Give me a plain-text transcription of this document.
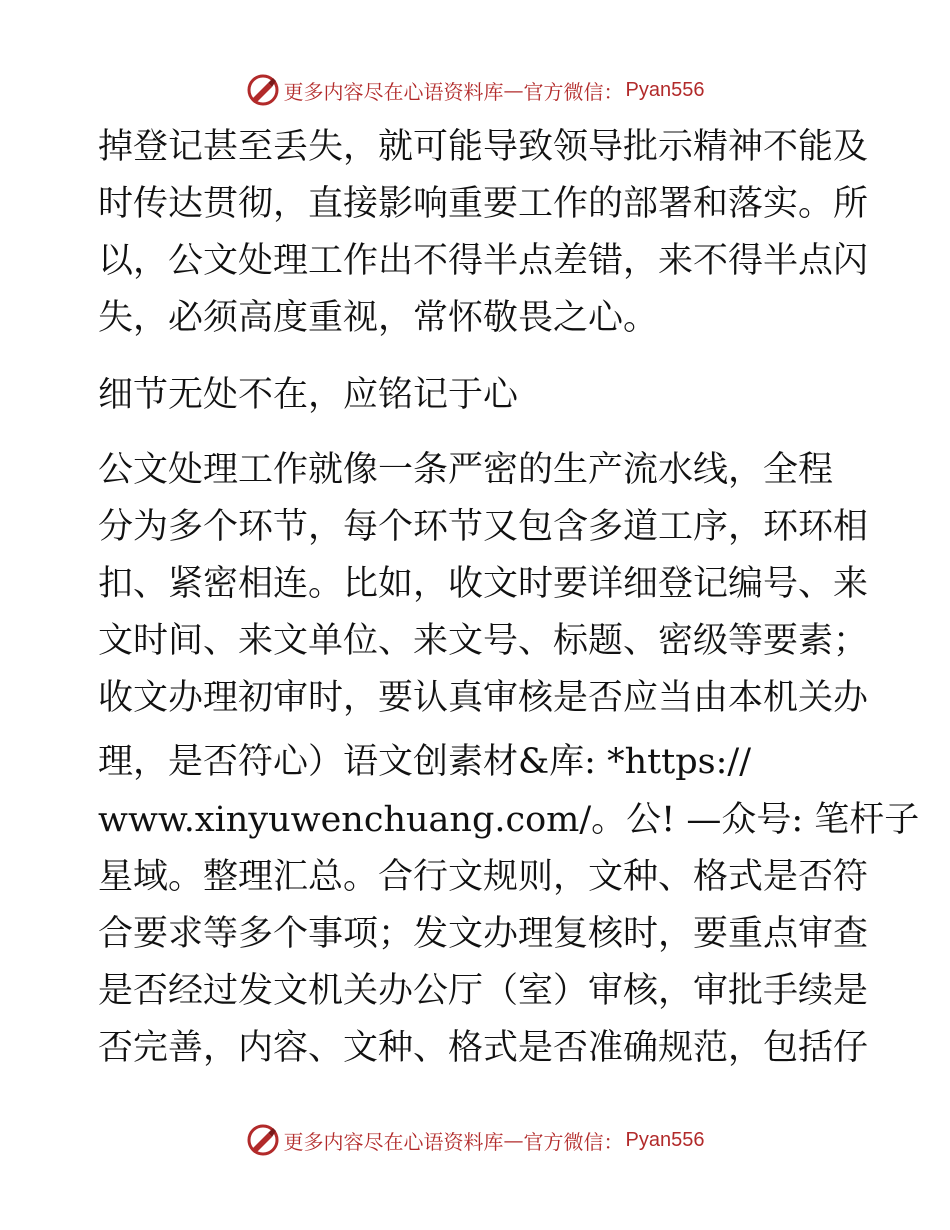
更多内容尽在心语资料库 — 官方微信： Pyan556
掉登记甚至丢失，就可能导致领导批示精神不能及
时传达贯彻，直接影响重要工作的部署和落实。所
以，公文处理工作出不得半点差错，来不得半点闪
失，必须高度重视，常怀敬畏之心。
细节无处不在，应铭记于心
公文处理工作就像一条严密的生产流水线，全程
分为多个环节，每个环节又包含多道工序，环环相
扣、紧密相连。比如，收文时要详细登记编号、来
文时间、来文单位、来文号、标题、密级等要素；
收文办理初审时，要认真审核是否应当由本机关办
理，是否符心）语文创素材&库: *https://
www.xinyuwenchuang.com/。公! —众号: 笔杆子
星域。整理汇总。合行文规则，文种、格式是否符
合要求等多个事项；发文办理复核时，要重点审查
是否经过发文机关办公厅（室）审核，审批手续是
否完善，内容、文种、格式是否准确规范，包括仔
更多内容尽在心语资料库 — 官方微信： Pyan556
